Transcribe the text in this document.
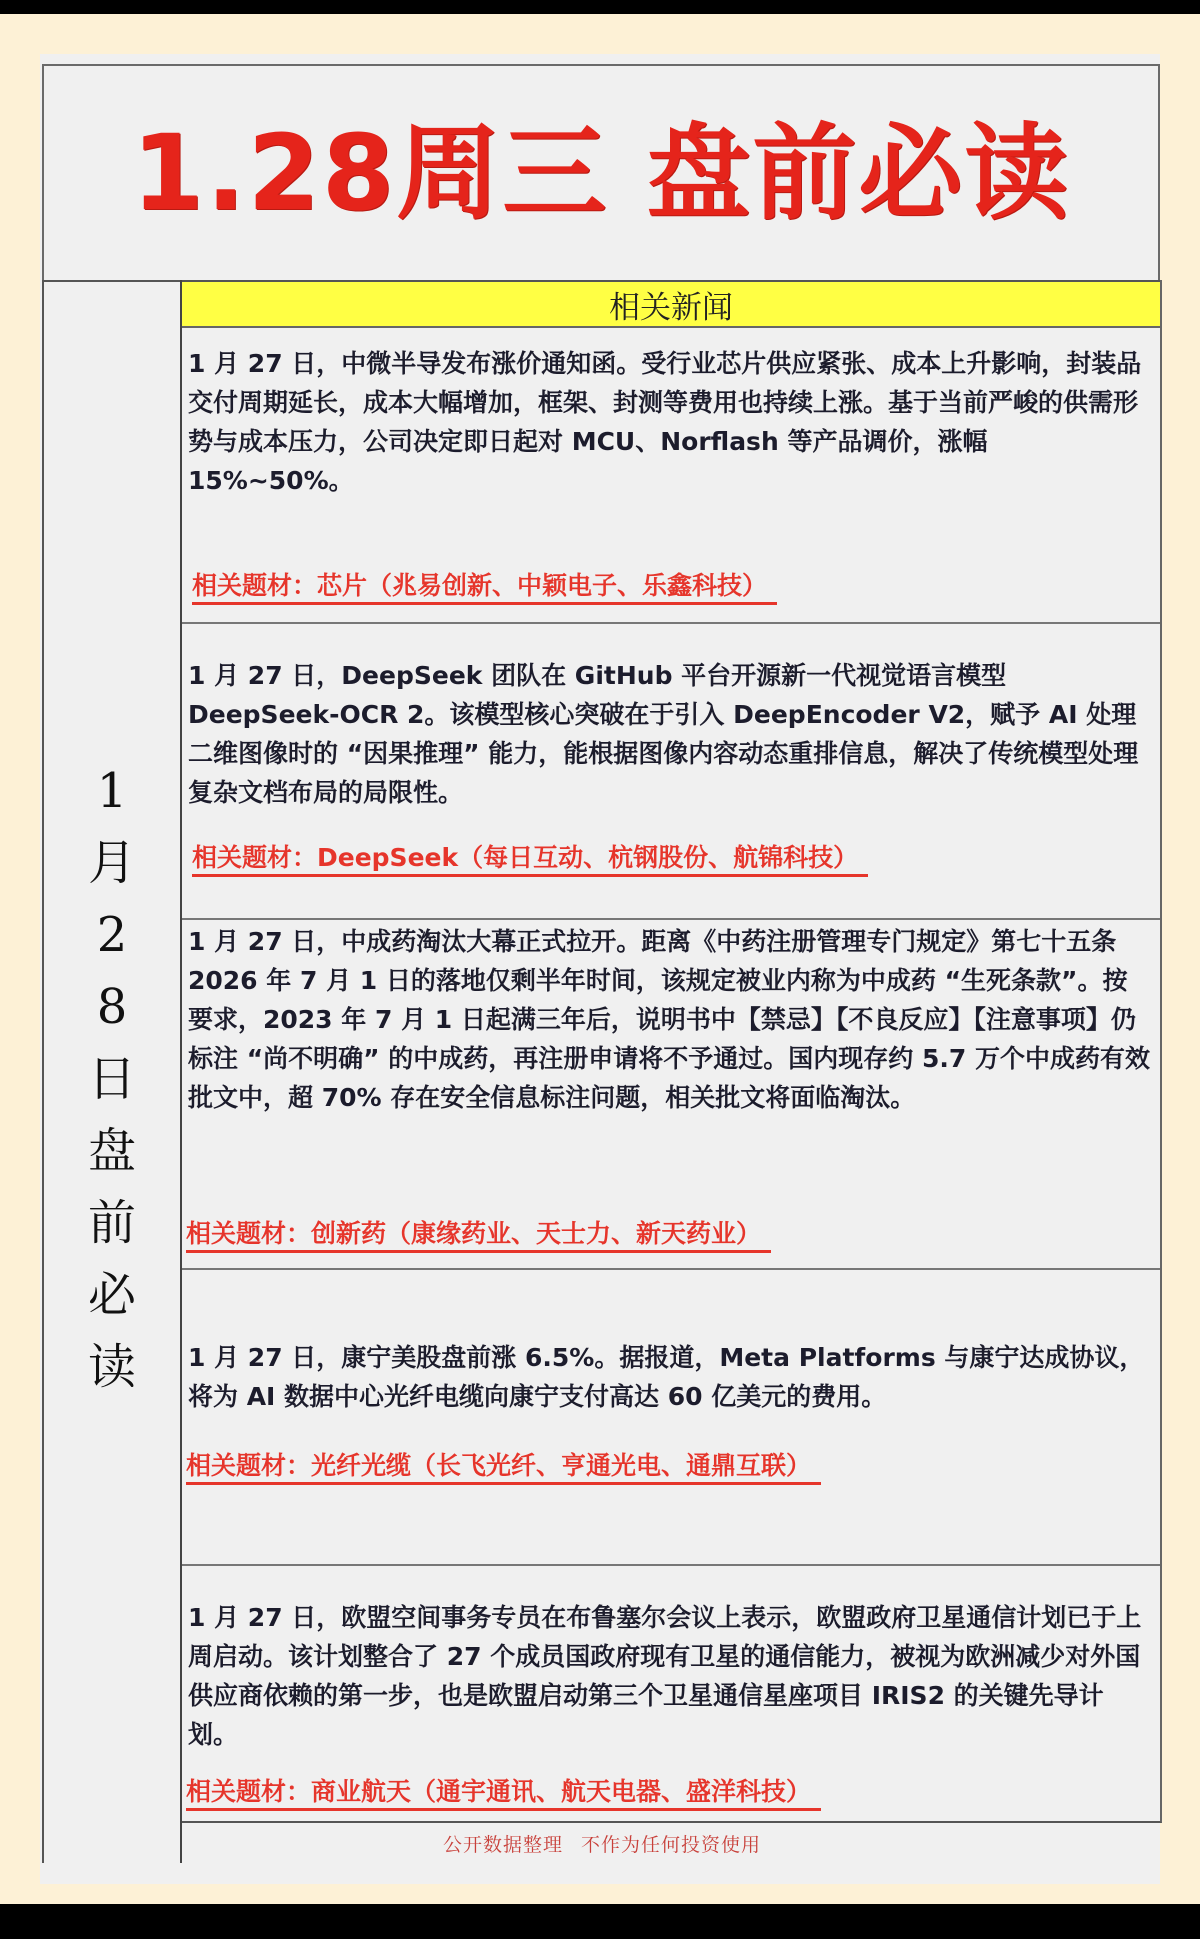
1.28周三 盘前必读
1
月
2
8
日
盘
前
必
读
相关新闻

1 月 27 日，中微半导发布涨价通知函。受行业芯片供应紧张、成本上升影响，封装品交付周期延长，成本大幅增加，框架、封测等费用也持续上涨。基于当前严峻的供需形势与成本压力，公司决定即日起对 MCU、Norflash 等产品调价，涨幅 15%~50%。

相关题材：芯片（兆易创新、中颖电子、乐鑫科技）

1 月 27 日，DeepSeek 团队在 GitHub 平台开源新一代视觉语言模型 DeepSeek-OCR 2。该模型核心突破在于引入 DeepEncoder V2，赋予 AI 处理二维图像时的 “因果推理” 能力，能根据图像内容动态重排信息，解决了传统模型处理复杂文档布局的局限性。

相关题材：DeepSeek（每日互动、杭钢股份、航锦科技）

1 月 27 日，中成药淘汰大幕正式拉开。距离《中药注册管理专门规定》第七十五条 2026 年 7 月 1 日的落地仅剩半年时间，该规定被业内称为中成药 “生死条款”。按要求，2023 年 7 月 1 日起满三年后，说明书中【禁忌】【不良反应】【注意事项】仍标注 “尚不明确” 的中成药，再注册申请将不予通过。国内现存约 5.7 万个中成药有效批文中，超 70% 存在安全信息标注问题，相关批文将面临淘汰。

相关题材：创新药（康缘药业、天士力、新天药业）

1 月 27 日，康宁美股盘前涨 6.5%。据报道，Meta Platforms 与康宁达成协议，将为 AI 数据中心光纤电缆向康宁支付高达 60 亿美元的费用。

相关题材：光纤光缆（长飞光纤、亨通光电、通鼎互联）

1 月 27 日，欧盟空间事务专员在布鲁塞尔会议上表示，欧盟政府卫星通信计划已于上周启动。该计划整合了 27 个成员国政府现有卫星的通信能力，被视为欧洲减少对外国供应商依赖的第一步，也是欧盟启动第三个卫星通信星座项目 IRIS2 的关键先导计划。

相关题材：商业航天（通宇通讯、航天电器、盛洋科技）
公开数据整理 不作为任何投资使用
